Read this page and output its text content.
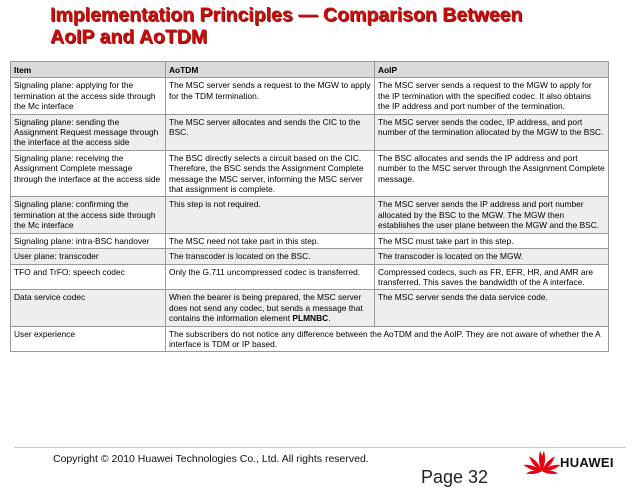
Implementation Principles — Comparison Between
AoIP and AoTDM
Item	AoTDM	AoIP
Signaling plane: applying for the termination at the access side through the Mc interface	The MSC server sends a request to the MGW to apply for the TDM termination.	The MSC server sends a request to the MGW to apply for the IP termination with the specified codec. It also obtains the IP address and port number of the termination.
Signaling plane: sending the Assignment Request message through the interface at the access side	The MSC server allocates and sends the CIC to the BSC.	The MSC server sends the codec, IP address, and port number of the termination allocated by the MGW to the BSC.
Signaling plane: receiving the Assignment Complete message through the interface at the access side	The BSC directly selects a circuit based on the CIC. Therefore, the BSC sends the Assignment Complete message the MSC server, informing the MSC server that assignment is complete.	The BSC allocates and sends the IP address and port number to the MSC server through the Assignment Complete message.
Signaling plane: confirming the termination at the access side through the Mc interface	This step is not required.	The MSC server sends the IP address and port number allocated by the BSC to the MGW. The MGW then establishes the user plane between the MGW and the BSC.
Signaling plane: intra-BSC handover	The MSC need not take part in this step.	The MSC must take part in this step.
User plane: transcoder	The transcoder is located on the BSC.	The transcoder is located on the MGW.
TFO and TrFO: speech codec	Only the G.711 uncompressed codec is transferred.	Compressed codecs, such as FR, EFR, HR, and AMR are transferred. This saves the bandwidth of the A interface.
Data service codec	When the bearer is being prepared, the MSC server does not send any codec, but sends a message that contains the information element PLMNBC.	The MSC server sends the data service code.
User experience	The subscribers do not notice any difference between the AoTDM and the AoIP. They are not aware of whether the A interface is TDM or IP based.	
Copyright © 2010 Huawei Technologies Co., Ltd. All rights reserved.
Page 32
HUAWEI
